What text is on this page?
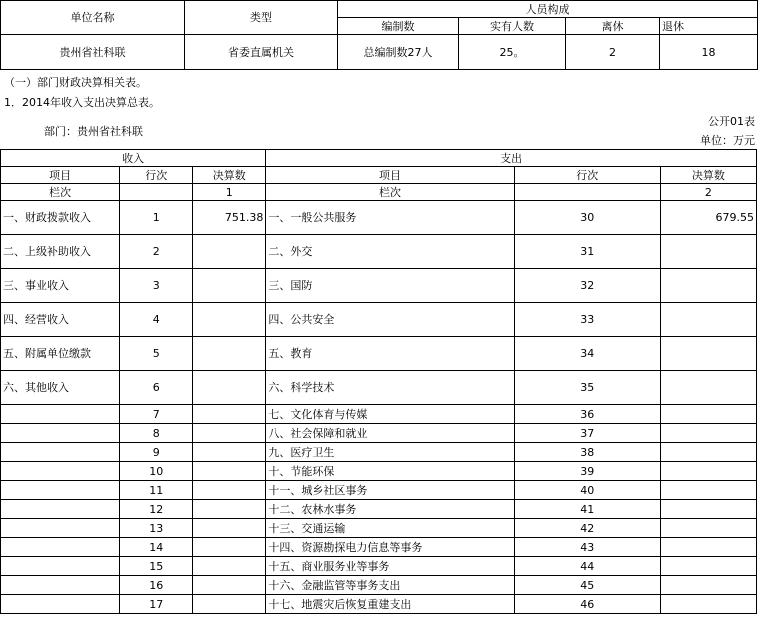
单位名称	类型	人员构成			
		编制数	实有人数	离休	退休
贵州省社科联	省委直属机关	总编制数27人	25。	2	18
（一）部门财政决算相关表。
1．2014年收入支出决算总表。
部门：贵州省社科联
公开01表
单位：万元
收入			支出		
项目	行次	决算数	项目	行次	决算数
栏次		1	栏次		2
一、财政拨款收入	1	751.38	一、一般公共服务	30	679.55
二、上级补助收入	2		二、外交	31	
三、事业收入	3		三、国防	32	
四、经营收入	4		四、公共安全	33	
五、附属单位缴款	5		五、教育	34	
六、其他收入	6		六、科学技术	35	
	7		七、文化体育与传媒	36	
	8		八、社会保障和就业	37	
	9		九、医疗卫生	38	
	10		十、节能环保	39	
	11		十一、城乡社区事务	40	
	12		十二、农林水事务	41	
	13		十三、交通运输	42	
	14		十四、资源勘探电力信息等事务	43	
	15		十五、商业服务业等事务	44	
	16		十六、金融监管等事务支出	45	
	17		十七、地震灾后恢复重建支出	46	
